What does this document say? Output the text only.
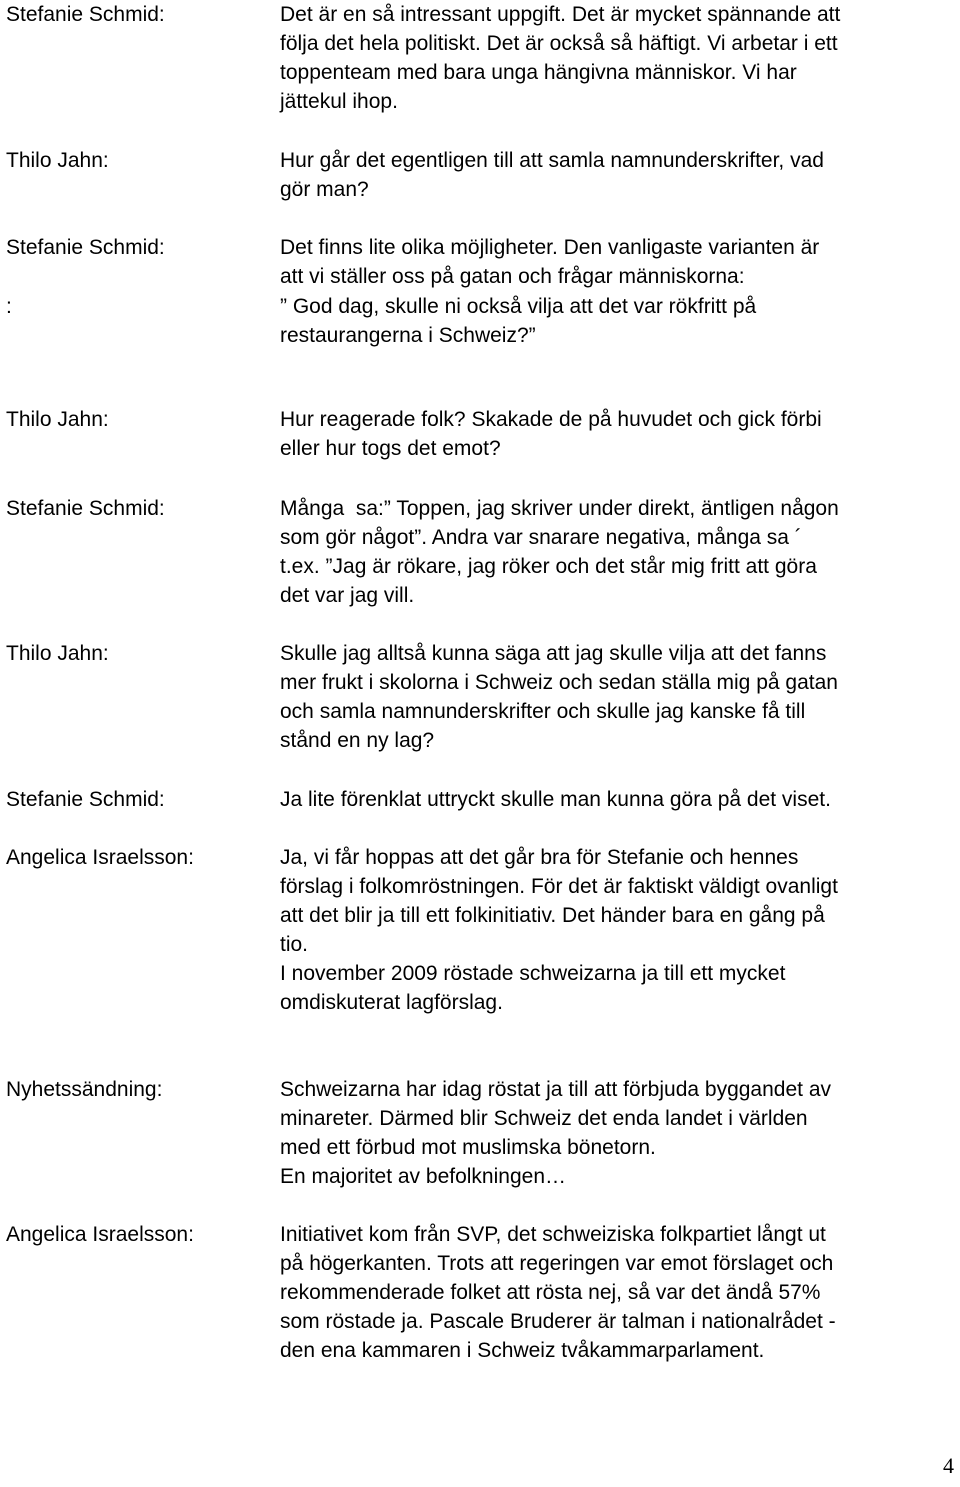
Stefanie Schmid:	Det är en så intressant uppgift. Det är mycket spännande att
följa det hela politiskt. Det är också så häftigt. Vi arbetar i ett
toppenteam med bara unga hängivna människor. Vi har
jättekul ihop.
Thilo Jahn:	Hur går det egentligen till att samla namnunderskrifter, vad
gör man?
Stefanie Schmid:	Det finns lite olika möjligheter. Den vanligaste varianten är
att vi ställer oss på gatan och frågar människorna:
:	” God dag, skulle ni också vilja att det var rökfritt på
restaurangerna i Schweiz?”
Thilo Jahn:	Hur reagerade folk? Skakade de på huvudet och gick förbi
eller hur togs det emot?
Stefanie Schmid:	Många  sa:” Toppen, jag skriver under direkt, äntligen någon
som gör något”. Andra var snarare negativa, många sa ´
t.ex. ”Jag är rökare, jag röker och det står mig fritt att göra
det var jag vill.
Thilo Jahn:	Skulle jag alltså kunna säga att jag skulle vilja att det fanns
mer frukt i skolorna i Schweiz och sedan ställa mig på gatan
och samla namnunderskrifter och skulle jag kanske få till
stånd en ny lag?
Stefanie Schmid:	Ja lite förenklat uttryckt skulle man kunna göra på det viset.
Angelica Israelsson:	Ja, vi får hoppas att det går bra för Stefanie och hennes
förslag i folkomröstningen. För det är faktiskt väldigt ovanligt
att det blir ja till ett folkinitiativ. Det händer bara en gång på
tio.
I november 2009 röstade schweizarna ja till ett mycket
omdiskuterat lagförslag.
Nyhetssändning:	Schweizarna har idag röstat ja till att förbjuda byggandet av
minareter. Därmed blir Schweiz det enda landet i världen
med ett förbud mot muslimska bönetorn.
En majoritet av befolkningen…
Angelica Israelsson:	Initiativet kom från SVP, det schweiziska folkpartiet långt ut
på högerkanten. Trots att regeringen var emot förslaget och
rekommenderade folket att rösta nej, så var det ändå 57%
som röstade ja. Pascale Bruderer är talman i nationalrådet -
den ena kammaren i Schweiz tvåkammarparlament.
4
